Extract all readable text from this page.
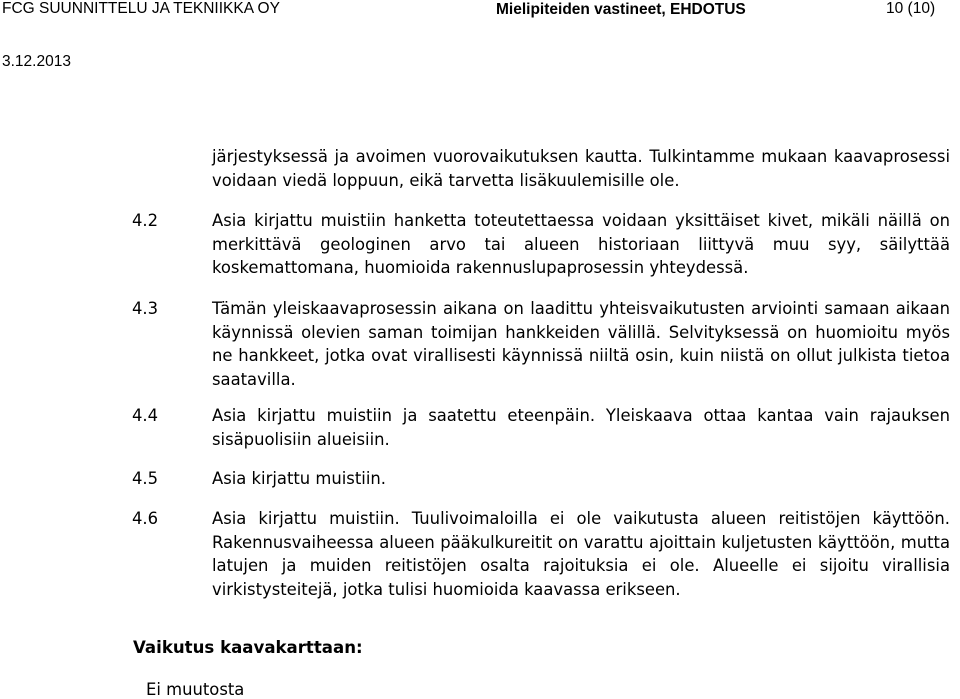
FCG SUUNNITTELU JA TEKNIIKKA OY	Mielipiteiden vastineet, EHDOTUS	10 (10)
3.12.2013
järjestyksessä ja avoimen vuorovaikutuksen kautta. Tulkintamme mukaan kaavaprosessi voidaan viedä loppuun, eikä tarvetta lisäkuulemisille ole.
4.2	Asia kirjattu muistiin hanketta toteutettaessa voidaan yksittäiset kivet, mikäli näillä on merkittävä geologinen arvo tai alueen historiaan liittyvä muu syy, säilyttää koskemattomana, huomioida rakennuslupaprosessin yhteydessä.
4.3	Tämän yleiskaavaprosessin aikana on laadittu yhteisvaikutusten arviointi samaan aikaan käynnissä olevien saman toimijan hankkeiden välillä. Selvityksessä on huomioitu myös ne hankkeet, jotka ovat virallisesti käynnissä niiltä osin, kuin niistä on ollut julkista tietoa saatavilla.
4.4	Asia kirjattu muistiin ja saatettu eteenpäin. Yleiskaava ottaa kantaa vain rajauksen sisäpuolisiin alueisiin.
4.5	Asia kirjattu muistiin.
4.6	Asia kirjattu muistiin. Tuulivoimaloilla ei ole vaikutusta alueen reitistöjen käyttöön. Rakennusvaiheessa alueen pääkulkureitit on varattu ajoittain kuljetusten käyttöön, mutta latujen ja muiden reitistöjen osalta rajoituksia ei ole. Alueelle ei sijoitu virallisia virkistysteitejä, jotka tulisi huomioida kaavassa erikseen.
Vaikutus kaavakarttaan:
Ei muutosta
